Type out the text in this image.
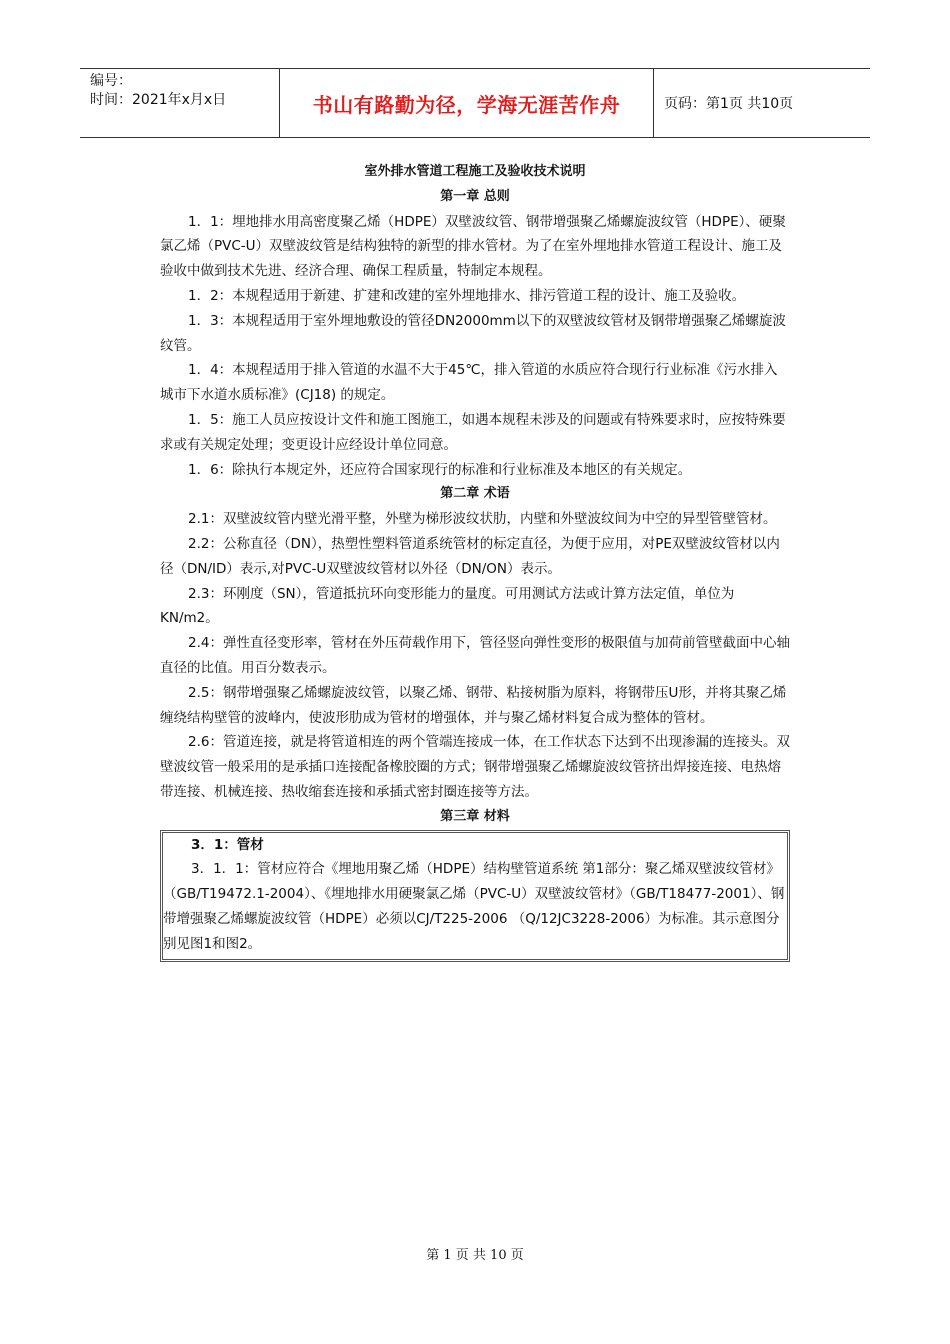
编号：
时间：2021年x月x日	书山有路勤为径，学海无涯苦作舟	页码：第1页 共10页

室外排水管道工程施工及验收技术说明

第一章 总则

1．1：埋地排水用高密度聚乙烯（HDPE）双壁波纹管、钢带增强聚乙烯螺旋波纹管（HDPE）、硬聚氯乙烯（PVC-U）双壁波纹管是结构独特的新型的排水管材。为了在室外埋地排水管道工程设计、施工及验收中做到技术先进、经济合理、确保工程质量，特制定本规程。

1．2：本规程适用于新建、扩建和改建的室外埋地排水、排污管道工程的设计、施工及验收。

1．3：本规程适用于室外埋地敷设的管径DN2000mm以下的双壁波纹管材及钢带增强聚乙烯螺旋波纹管。

1．4：本规程适用于排入管道的水温不大于45℃，排入管道的水质应符合现行行业标准《污水排入城市下水道水质标准》(CJ18) 的规定。

1．5：施工人员应按设计文件和施工图施工，如遇本规程未涉及的问题或有特殊要求时，应按特殊要求或有关规定处理；变更设计应经设计单位同意。

1．6：除执行本规定外，还应符合国家现行的标准和行业标准及本地区的有关规定。

第二章 术语

2.1：双壁波纹管内壁光滑平整，外壁为梯形波纹状肋，内壁和外壁波纹间为中空的异型管壁管材。

2.2：公称直径（DN），热塑性塑料管道系统管材的标定直径，为便于应用，对PE双壁波纹管材以内径（DN/ID）表示,对PVC-U双壁波纹管材以外径（DN/ON）表示。

2.3：环刚度（SN），管道抵抗环向变形能力的量度。可用测试方法或计算方法定值，单位为KN/m2。

2.4：弹性直径变形率，管材在外压荷载作用下，管径竖向弹性变形的极限值与加荷前管壁截面中心轴直径的比值。用百分数表示。

2.5：钢带增强聚乙烯螺旋波纹管，以聚乙烯、钢带、粘接树脂为原料，将钢带压U形，并将其聚乙烯缠绕结构壁管的波峰内，使波形肋成为管材的增强体，并与聚乙烯材料复合成为整体的管材。

2.6：管道连接，就是将管道相连的两个管端连接成一体，在工作状态下达到不出现渗漏的连接头。双壁波纹管一般采用的是承插口连接配备橡胶圈的方式；钢带增强聚乙烯螺旋波纹管挤出焊接连接、电热熔带连接、机械连接、热收缩套连接和承插式密封圈连接等方法。

第三章 材料

3．1：管材

3．1．1：管材应符合《埋地用聚乙烯（HDPE）结构壁管道系统 第1部分：聚乙烯双壁波纹管材》（GB/T19472.1-2004）、《埋地排水用硬聚氯乙烯（PVC-U）双壁波纹管材》（GB/T18477-2001）、钢带增强聚乙烯螺旋波纹管（HDPE）必须以CJ/T225-2006 （Q/12JC3228-2006）为标准。其示意图分别见图1和图2。

第 1 页 共 10 页
